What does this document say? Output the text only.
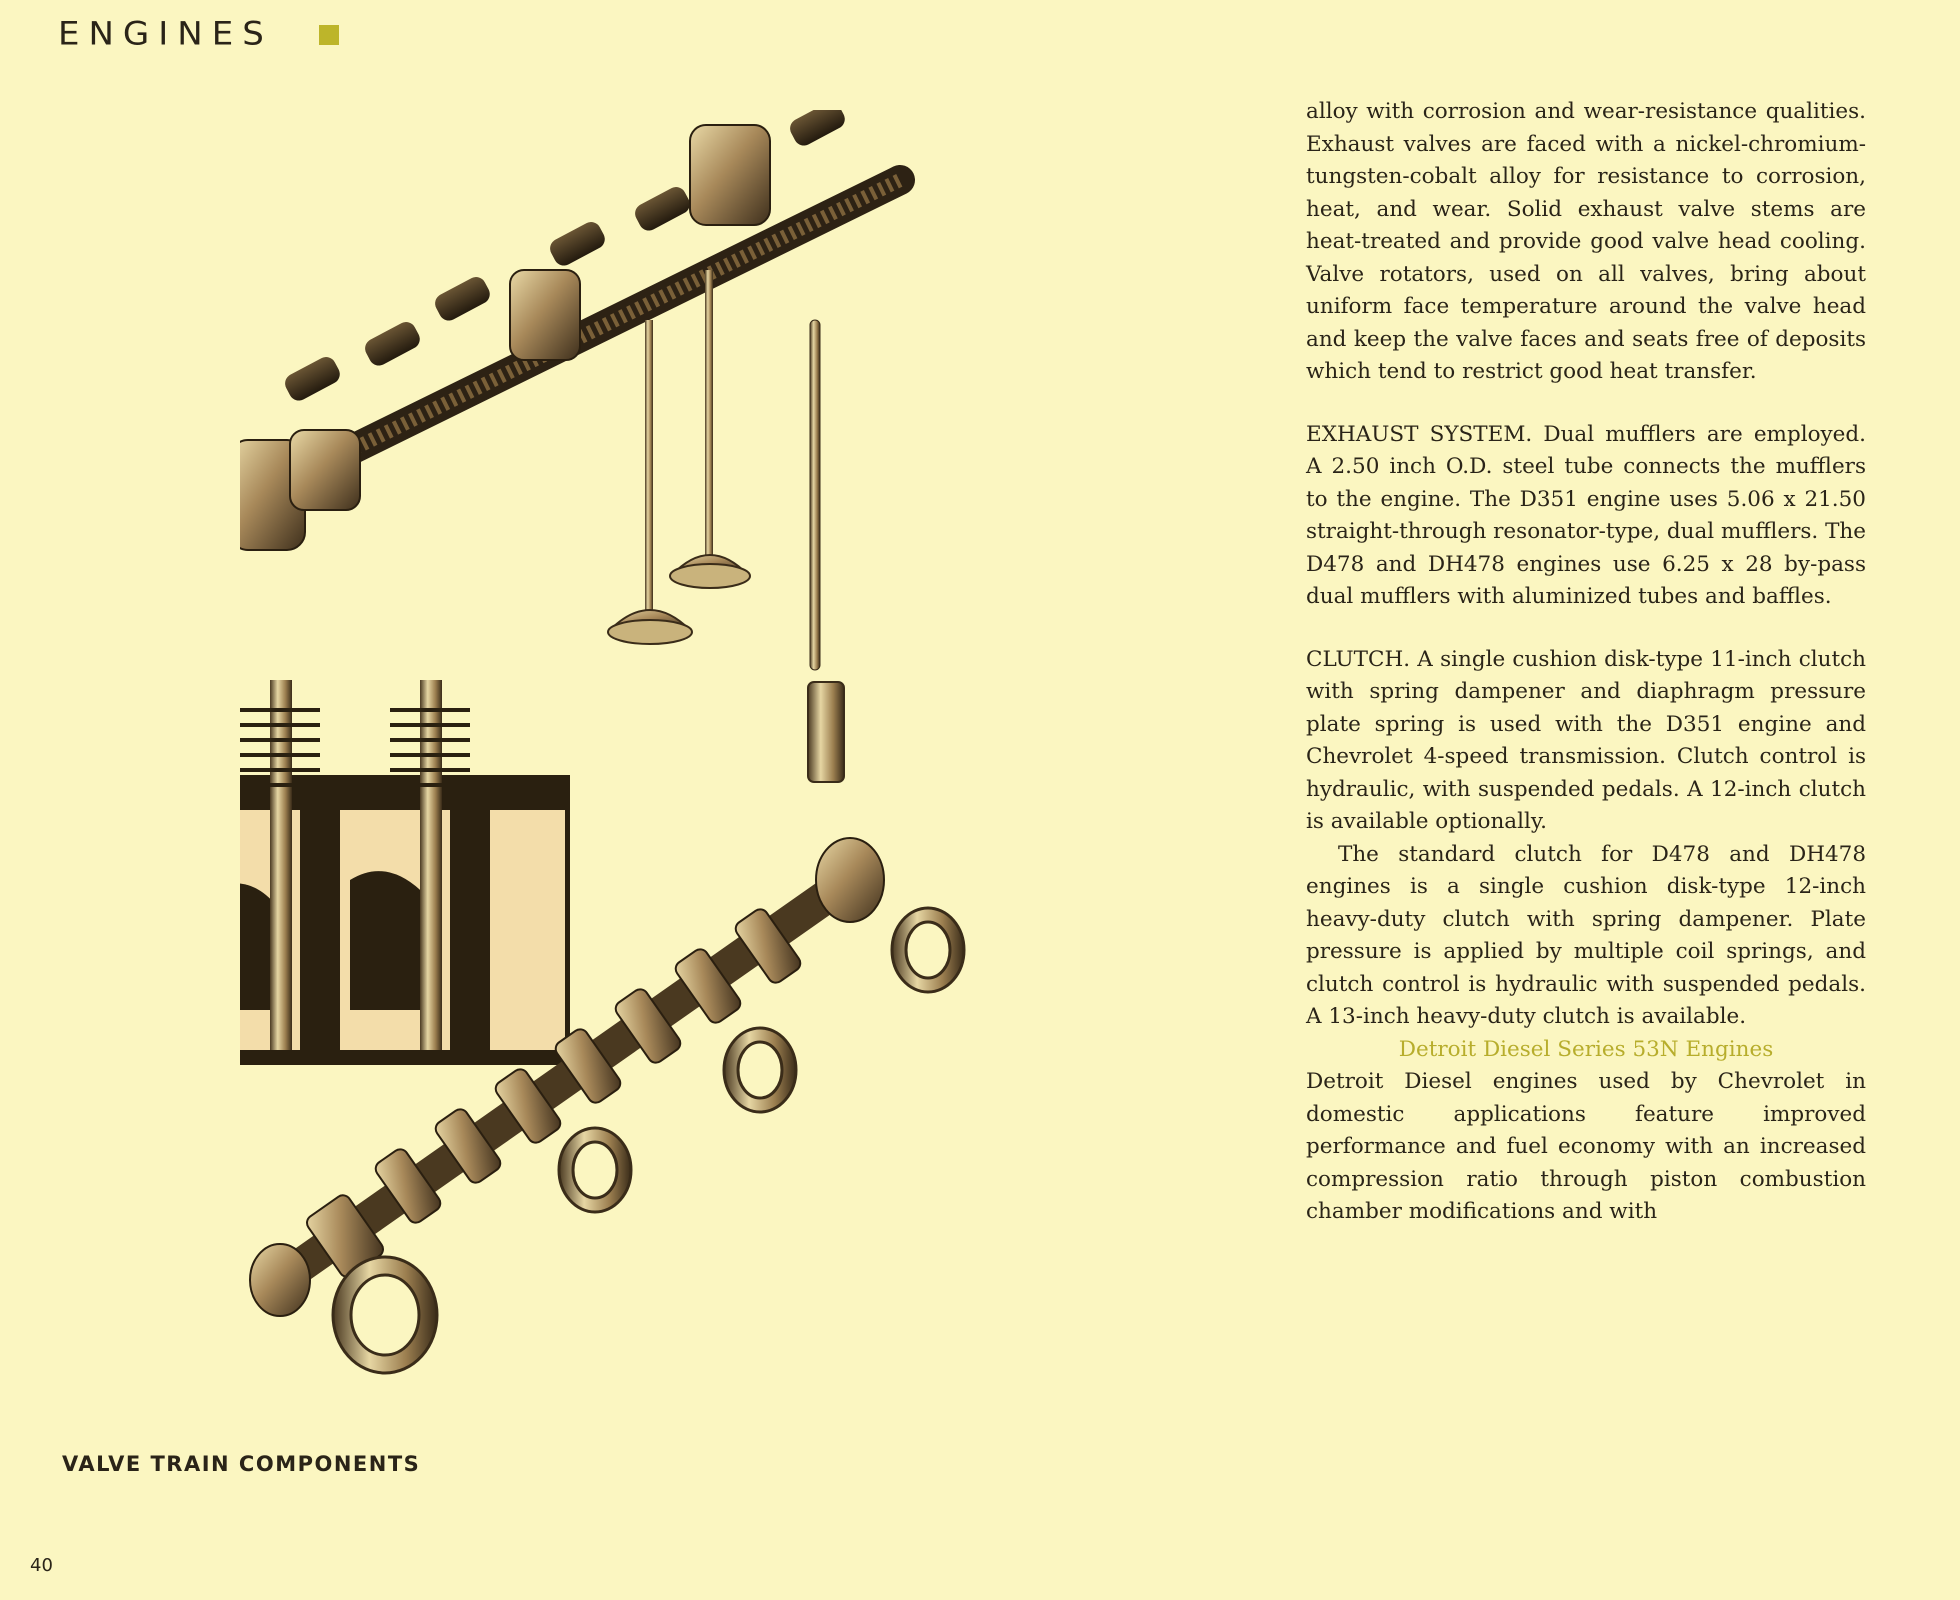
ENGINES
VALVE TRAIN COMPONENTS
40

alloy with corrosion and wear-resistance qualities. Exhaust valves are faced with a nickel-chromium-tungsten-cobalt alloy for resistance to corrosion, heat, and wear. Solid exhaust valve stems are heat-treated and provide good valve head cooling. Valve rotators, used on all valves, bring about uniform face temperature around the valve head and keep the valve faces and seats free of deposits which tend to restrict good heat transfer.

EXHAUST SYSTEM. Dual mufflers are employed. A 2.50 inch O.D. steel tube connects the mufflers to the engine. The D351 engine uses 5.06 x 21.50 straight-through resonator-type, dual mufflers. The D478 and DH478 engines use 6.25 x 28 by-pass dual mufflers with aluminized tubes and baffles.

CLUTCH. A single cushion disk-type 11-inch clutch with spring dampener and diaphragm pressure plate spring is used with the D351 engine and Chevrolet 4-speed transmission. Clutch control is hydraulic, with suspended pedals. A 12-inch clutch is available optionally.

The standard clutch for D478 and DH478 engines is a single cushion disk-type 12-inch heavy-duty clutch with spring dampener. Plate pressure is applied by multiple coil springs, and clutch control is hydraulic with suspended pedals. A 13-inch heavy-duty clutch is available.

Detroit Diesel Series 53N Engines

Detroit Diesel engines used by Chevrolet in domestic applications feature improved performance and fuel economy with an increased compression ratio through piston combustion chamber modifications and with
